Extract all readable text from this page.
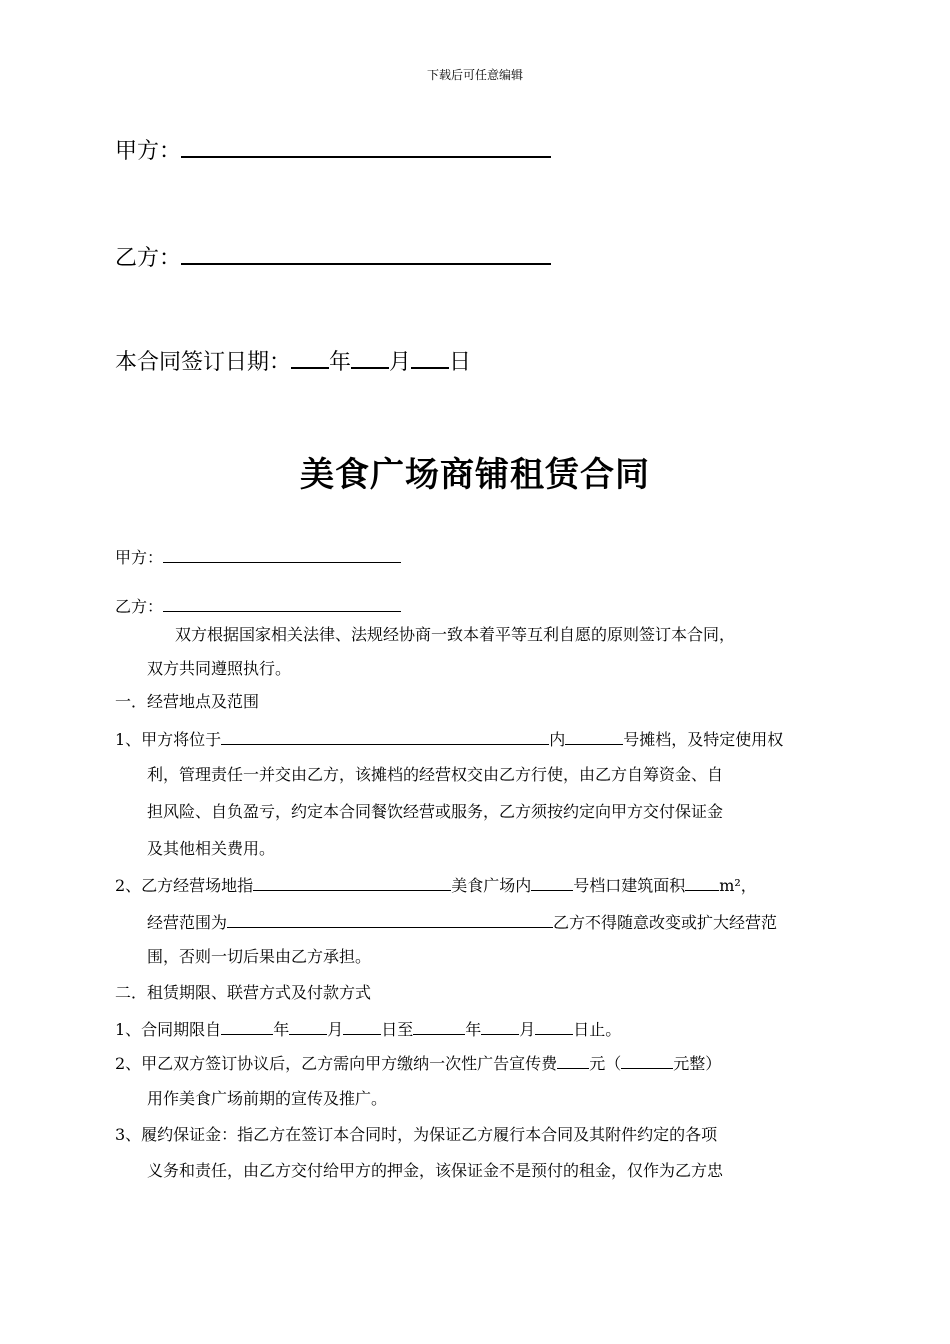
下载后可任意编辑
甲方：
乙方：
本合同签订日期： 年 月 日
美食广场商铺租赁合同
甲方：
乙方：
双方根据国家相关法律、法规经协商一致本着平等互利自愿的原则签订本合同，
双方共同遵照执行。
一．经营地点及范围
1、甲方将位于	内	号摊档，及特定使用权
利，管理责任一并交由乙方，该摊档的经营权交由乙方行使，由乙方自筹资金、自
担风险、自负盈亏，约定本合同餐饮经营或服务，乙方须按约定向甲方交付保证金
及其他相关费用。
2、乙方经营场地指	美食广场内	号档口建筑面积 m²，
经营范围为	乙方不得随意改变或扩大经营范
围，否则一切后果由乙方承担。
二．租赁期限、联营方式及付款方式
1、合同期限自	年 月 日至	年 月 日止。
2、甲乙双方签订协议后，乙方需向甲方缴纳一次性广告宣传费 元（	元整）
用作美食广场前期的宣传及推广。
3、履约保证金：指乙方在签订本合同时，为保证乙方履行本合同及其附件约定的各项
义务和责任，由乙方交付给甲方的押金，该保证金不是预付的租金，仅作为乙方忠
